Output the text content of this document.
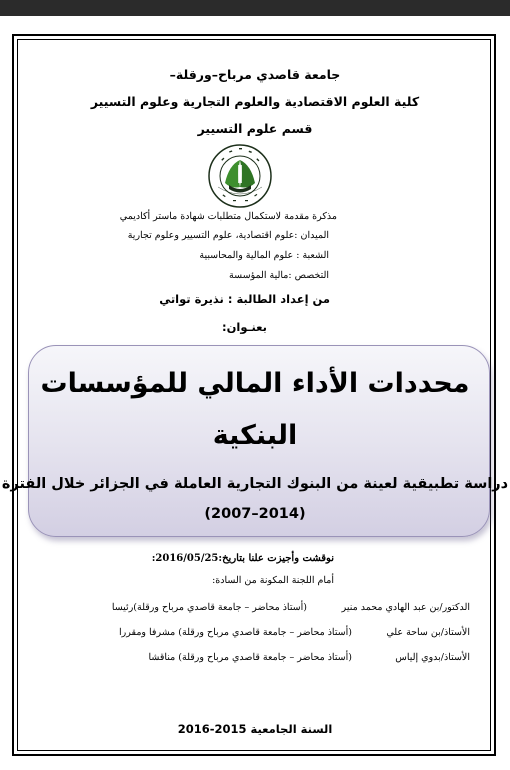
جامعة قاصدي مرباح–ورقلة–
كلية العلوم الاقتصادية والعلوم التجارية وعلوم التسيير
قسم علوم التسيير
مذكرة مقدمة لاستكمال متطلبات شهادة ماستر أكاديمي
الميدان :علوم اقتصادية، علوم التسيير وعلوم تجارية
الشعبة : علوم المالية والمحاسبية
التخصص :مالية المؤسسة
من إعداد الطالبة : نذيرة تواتي
بعنـوان:
محددات الأداء المالي للمؤسسات
البنكية
دراسة تطبيقية لعينة من البنوك التجارية العاملة في الجزائر خلال الفترة
(2014–2007)
نوقشت وأجيزت علنا بتاريخ:2016/05/25:
أمام اللجنة المكونة من السادة:
الدكتور/بن عبد الهادي محمد منير
(أستاذ محاضر – جامعة قاصدي مرباح ورقلة)رئيسا
الأستاذ/بن ساحة علي
(أستاذ محاضر – جامعة قاصدي مرباح ورقلة) مشرفا ومقررا
الأستاذ/بدوي إلياس
(أستاذ محاضر – جامعة قاصدي مرباح ورقلة) مناقشا
السنة الجامعية 2015-2016
